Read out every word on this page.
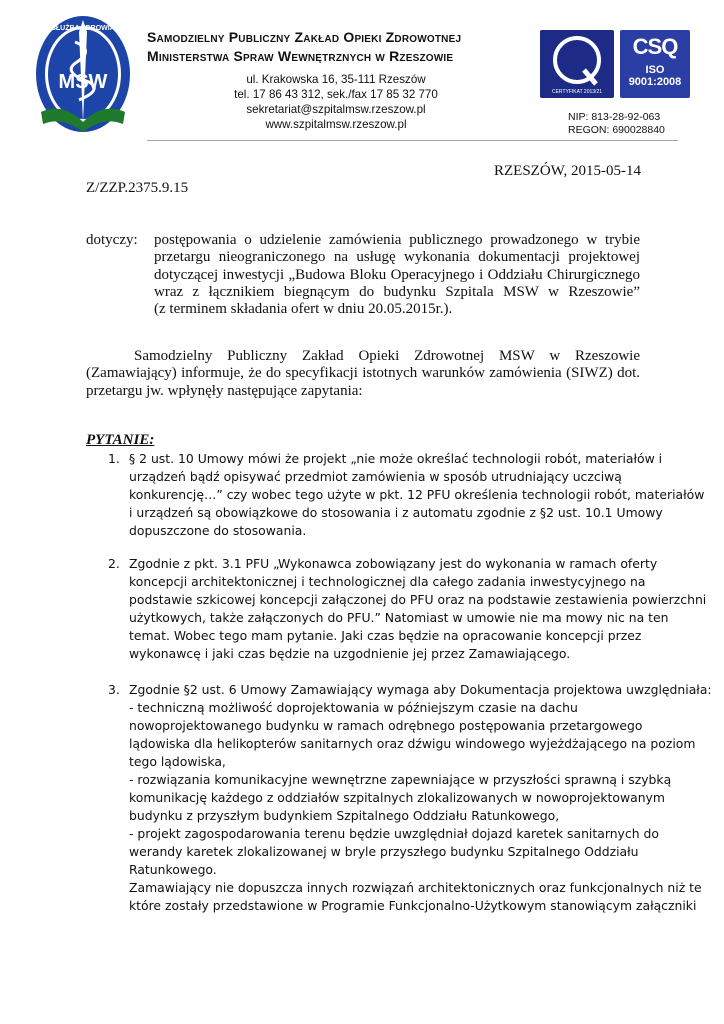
MSW
SŁUŻBA ZDROWIA
Samodzielny Publiczny Zakład Opieki Zdrowotnej
Ministerstwa Spraw Wewnętrznych w Rzeszowie
ul. Krakowska 16, 35-111 Rzeszów
tel. 17 86 43 312, sek./fax 17 85 32 770
sekretariat@szpitalmsw.rzeszow.pl
www.szpitalmsw.rzeszow.pl
CERTYFIKAT 2013/21
CSQ
ISO
9001:2008
NIP: 813-28-92-063
REGON: 690028840
RZESZÓW, 2015-05-14
Z/ZZP.2375.9.15
dotyczy: postępowania o udzielenie zamówienia publicznego prowadzonego w trybie
przetargu nieograniczonego na usługę wykonania dokumentacji projektowej
dotyczącej inwestycji „Budowa Bloku Operacyjnego i Oddziału Chirurgicznego
wraz z łącznikiem biegnącym do budynku Szpitala MSW w Rzeszowie”
(z terminem składania ofert w dniu 20.05.2015r.).
Samodzielny Publiczny Zakład Opieki Zdrowotnej MSW w Rzeszowie
(Zamawiający) informuje, że do specyfikacji istotnych warunków zamówienia (SIWZ) dot.
przetargu jw. wpłynęły następujące zapytania:
PYTANIE:
1. § 2 ust. 10 Umowy mówi że projekt „nie może określać technologii robót, materiałów i
urządzeń bądź opisywać przedmiot zamówienia w sposób utrudniający uczciwą
konkurencję…” czy wobec tego użyte w pkt. 12 PFU określenia technologii robót, materiałów
i urządzeń są obowiązkowe do stosowania i z automatu zgodnie z §2 ust. 10.1 Umowy
dopuszczone do stosowania.
2. Zgodnie z pkt. 3.1 PFU „Wykonawca zobowiązany jest do wykonania w ramach oferty
koncepcji architektonicznej i technologicznej dla całego zadania inwestycyjnego na
podstawie szkicowej koncepcji załączonej do PFU oraz na podstawie zestawienia powierzchni
użytkowych, także załączonych do PFU.” Natomiast w umowie nie ma mowy nic na ten
temat. Wobec tego mam pytanie. Jaki czas będzie na opracowanie koncepcji przez
wykonawcę i jaki czas będzie na uzgodnienie jej przez Zamawiającego.
3. Zgodnie §2 ust. 6 Umowy Zamawiający wymaga aby Dokumentacja projektowa uwzględniała:
- techniczną możliwość doprojektowania w późniejszym czasie na dachu
nowoprojektowanego budynku w ramach odrębnego postępowania przetargowego
lądowiska dla helikopterów sanitarnych oraz dźwigu windowego wyjeżdżającego na poziom
tego lądowiska,
- rozwiązania komunikacyjne wewnętrzne zapewniające w przyszłości sprawną i szybką
komunikację każdego z oddziałów szpitalnych zlokalizowanych w nowoprojektowanym
budynku z przyszłym budynkiem Szpitalnego Oddziału Ratunkowego,
- projekt zagospodarowania terenu będzie uwzględniał dojazd karetek sanitarnych do
werandy karetek zlokalizowanej w bryle przyszłego budynku Szpitalnego Oddziału
Ratunkowego.
Zamawiający nie dopuszcza innych rozwiązań architektonicznych oraz funkcjonalnych niż te
które zostały przedstawione w Programie Funkcjonalno-Użytkowym stanowiącym załączniki
